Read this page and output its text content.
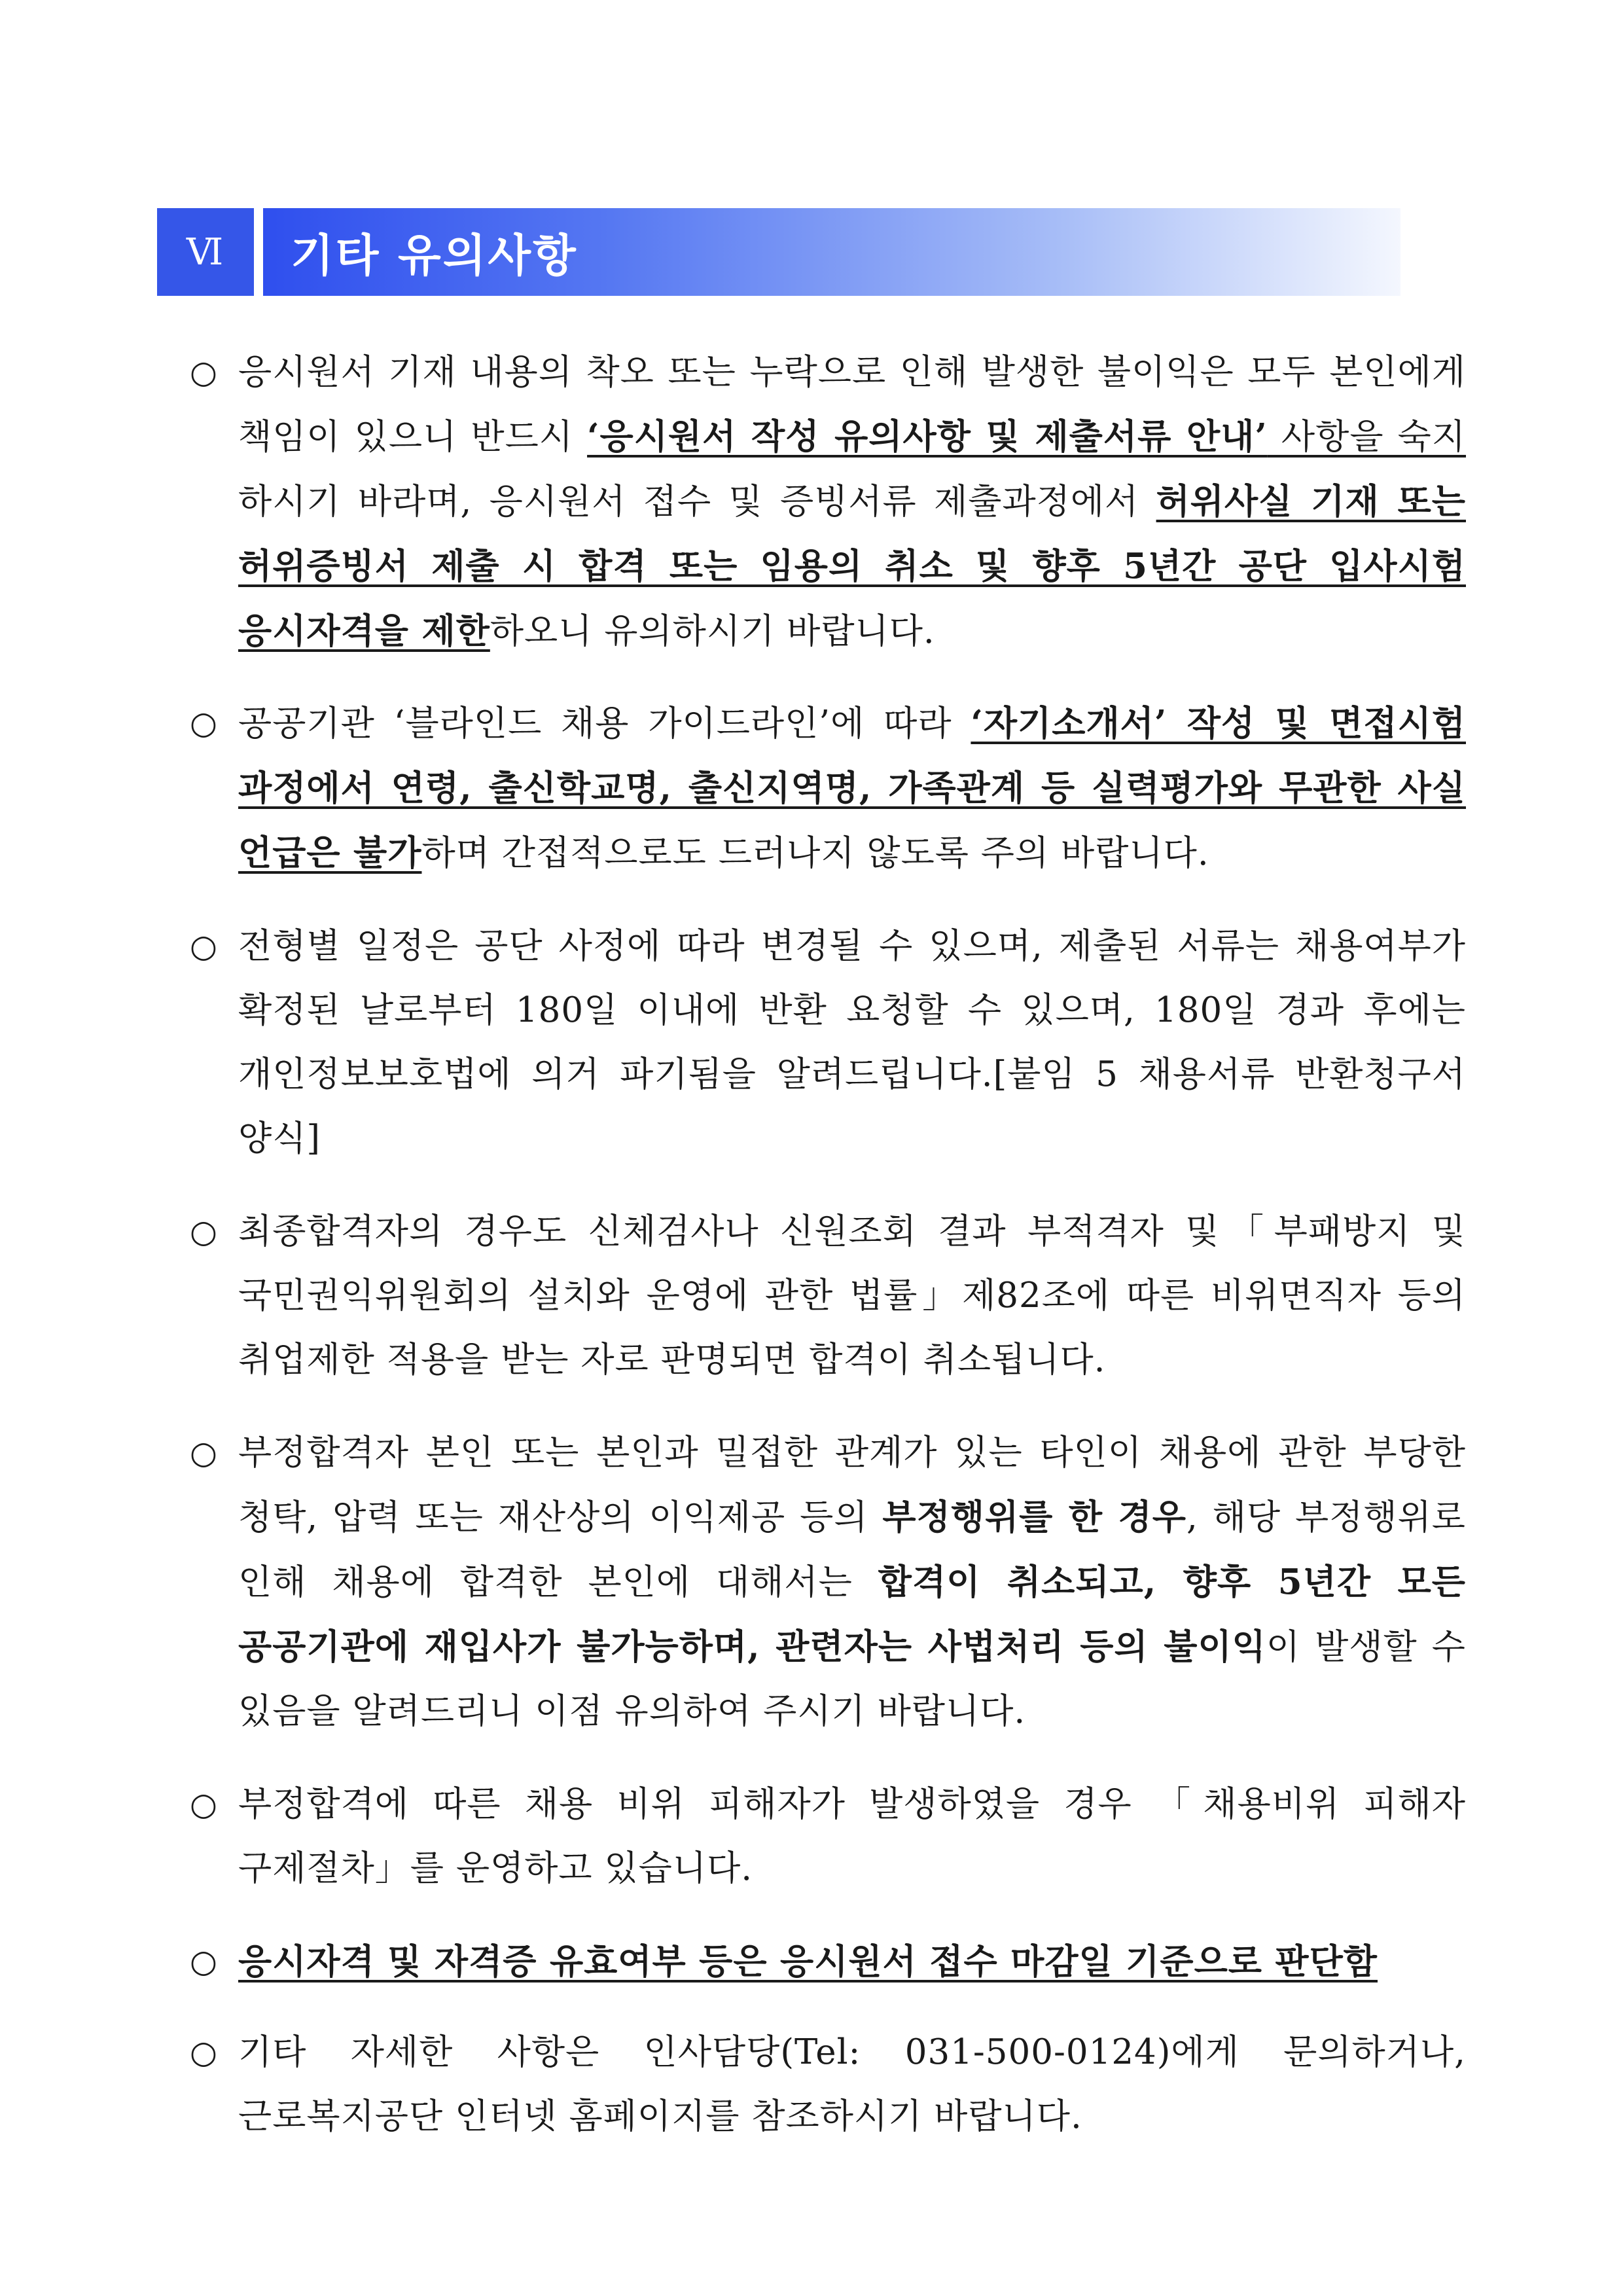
Ⅵ 기타 유의사항
○ 응시원서 기재 내용의 착오 또는 누락으로 인해 발생한 불이익은 모두 본인에게 책임이 있으니 반드시 ‘응시원서 작성 유의사항 및 제출서류 안내’ 사항을 숙지 하시기 바라며, 응시원서 접수 및 증빙서류 제출과정에서 허위사실 기재 또는 허위증빙서 제출 시 합격 또는 임용의 취소 및 향후 5년간 공단 입사시험 응시자격을 제한하오니 유의하시기 바랍니다.
○ 공공기관 ‘블라인드 채용 가이드라인’에 따라 ‘자기소개서’ 작성 및 면접시험 과정에서 연령, 출신학교명, 출신지역명, 가족관계 등 실력평가와 무관한 사실 언급은 불가하며 간접적으로도 드러나지 않도록 주의 바랍니다.
○ 전형별 일정은 공단 사정에 따라 변경될 수 있으며, 제출된 서류는 채용여부가 확정된 날로부터 180일 이내에 반환 요청할 수 있으며, 180일 경과 후에는 개인정보보호법에 의거 파기됨을 알려드립니다.[붙임 5 채용서류 반환청구서 양식]
○ 최종합격자의 경우도 신체검사나 신원조회 결과 부적격자 및「부패방지 및 국민권익위원회의 설치와 운영에 관한 법률」제82조에 따른 비위면직자 등의 취업제한 적용을 받는 자로 판명되면 합격이 취소됩니다.
○ 부정합격자 본인 또는 본인과 밀접한 관계가 있는 타인이 채용에 관한 부당한 청탁, 압력 또는 재산상의 이익제공 등의 부정행위를 한 경우, 해당 부정행위로 인해 채용에 합격한 본인에 대해서는 합격이 취소되고, 향후 5년간 모든 공공기관에 재입사가 불가능하며, 관련자는 사법처리 등의 불이익이 발생할 수 있음을 알려드리니 이점 유의하여 주시기 바랍니다.
○ 부정합격에 따른 채용 비위 피해자가 발생하였을 경우 「채용비위 피해자 구제절차」를 운영하고 있습니다.
○ 응시자격 및 자격증 유효여부 등은 응시원서 접수 마감일 기준으로 판단함
○ 기타 자세한 사항은 인사담당(Tel: 031-500-0124)에게 문의하거나, 근로복지공단 인터넷 홈페이지를 참조하시기 바랍니다.
